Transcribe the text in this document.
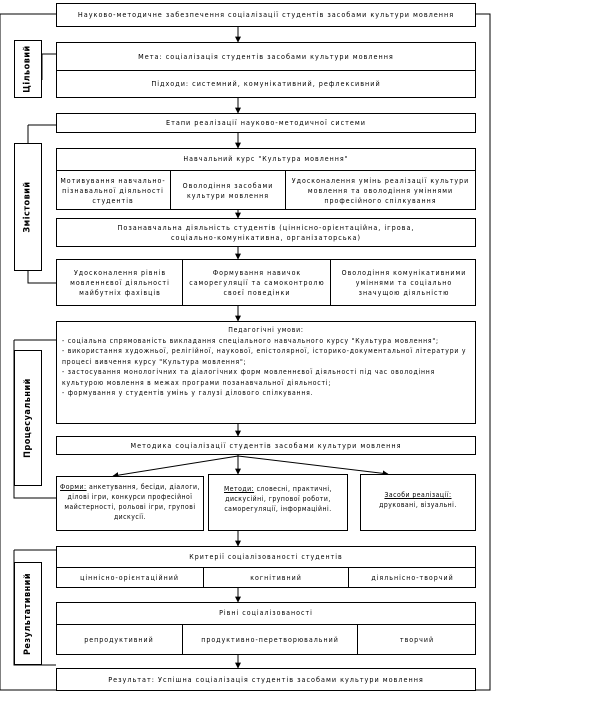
Науково-методичне забезпечення соціалізації студентів засобами культури мовлення
Цільовий	Мета: соціалізація студентів засобами культури мовлення
Підходи: системний, комунікативний, рефлексивний
Етапи реалізації науково-методичної системи
Змістовий
Навчальний курс "Культура мовлення"
Мотивування навчально-пізнавальної діяльності студентів
Оволодіння засобами культури мовлення
Удосконалення умінь реалізації культури мовлення та оволодіння уміннями професійного спілкування
Позанавчальна діяльність студентів (ціннісно-орієнтаційна, ігрова, соціально-комунікативна, організаторська)
Удосконалення рівнів мовленнєвої діяльності майбутніх фахівців
Формування навичок саморегуляції та самоконтролю своєї поведінки
Оволодіння комунікативними уміннями та соціально значущою діяльністю
Процесуальний
Педагогічні умови:
- соціальна спрямованість викладання спеціального навчального курсу "Культура мовлення";
- використання художньої, релігійної, наукової, епістолярної, історико-документальної літератури у процесі вивчення курсу "Культура мовлення";
- застосування монологічних та діалогічних форм мовленнєвої діяльності під час оволодіння культурою мовлення в межах програми позанавчальної діяльності;
- формування у студентів умінь у галузі ділового спілкування.
Методика соціалізації студентів засобами культури мовлення
Форми: анкетування, бесіди, діалоги, ділові ігри, конкурси професійної майстерності, рольові ігри, групові дискусії.
Методи: словесні, практичні, дискусійні, групової роботи, саморегуляції, інформаційні.
Засоби реалізації: друковані, візуальні.
Результативний
Критерії соціалізованості студентів
ціннісно-орієнтаційний	когнітивний	діяльнісно-творчий
Рівні соціалізованості
репродуктивний	продуктивно-перетворювальний	творчий
Результат: Успішна соціалізація студентів засобами культури мовлення
